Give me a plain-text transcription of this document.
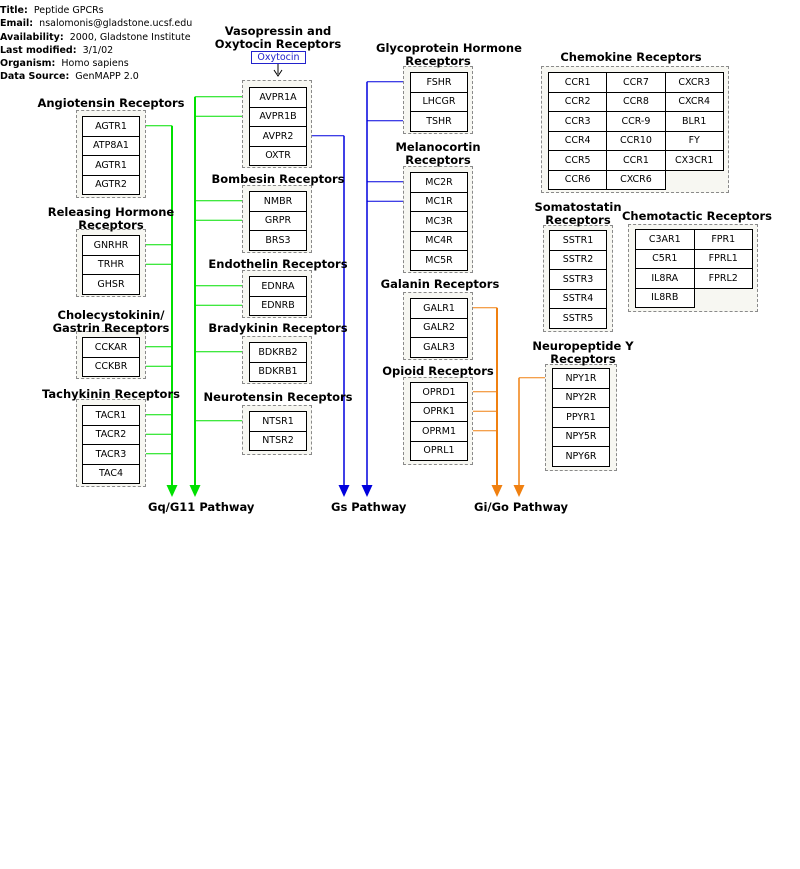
Title: Peptide GPCRs
Email: nsalomonis@gladstone.ucsf.edu
Availability: 2000, Gladstone Institute
Last modified: 3/1/02
Organism: Homo sapiens
Data Source: GenMAPP 2.0
Angiotensin Receptors
AGTR1
ATP8A1
AGTR1
AGTR2
Releasing Hormone
Receptors
GNRHR
TRHR
GHSR
Cholecystokinin/
Gastrin Receptors
CCKAR
CCKBR
Tachykinin Receptors
TACR1
TACR2
TACR3
TAC4
Vasopressin and
Oxytocin Receptors
AVPR1A
AVPR1B
AVPR2
OXTR
Bombesin Receptors
NMBR
GRPR
BRS3
Endothelin Receptors
EDNRA
EDNRB
Bradykinin Receptors
BDKRB2
BDKRB1
Neurotensin Receptors
NTSR1
NTSR2
Glycoprotein Hormone
Receptors
FSHR
LHCGR
TSHR
Melanocortin
Receptors
MC2R
MC1R
MC3R
MC4R
MC5R
Galanin Receptors
GALR1
GALR2
GALR3
Opioid Receptors
OPRD1
OPRK1
OPRM1
OPRL1
Chemokine Receptors
CCR1	CCR7	CXCR3
CCR2	CCR8	CXCR4
CCR3	CCR-9	BLR1
CCR4	CCR10	FY
CCR5	CCR1	CX3CR1
CCR6	CXCR6
Somatostatin
Receptors
SSTR1
SSTR2
SSTR3
SSTR4
SSTR5
Chemotactic Receptors
C3AR1	FPR1
C5R1	FPRL1
IL8RA	FPRL2
IL8RB
Neuropeptide Y
Receptors
NPY1R
NPY2R
PPYR1
NPY5R
NPY6R
Oxytocin
Gq/G11 Pathway	Gs Pathway	Gi/Go Pathway
